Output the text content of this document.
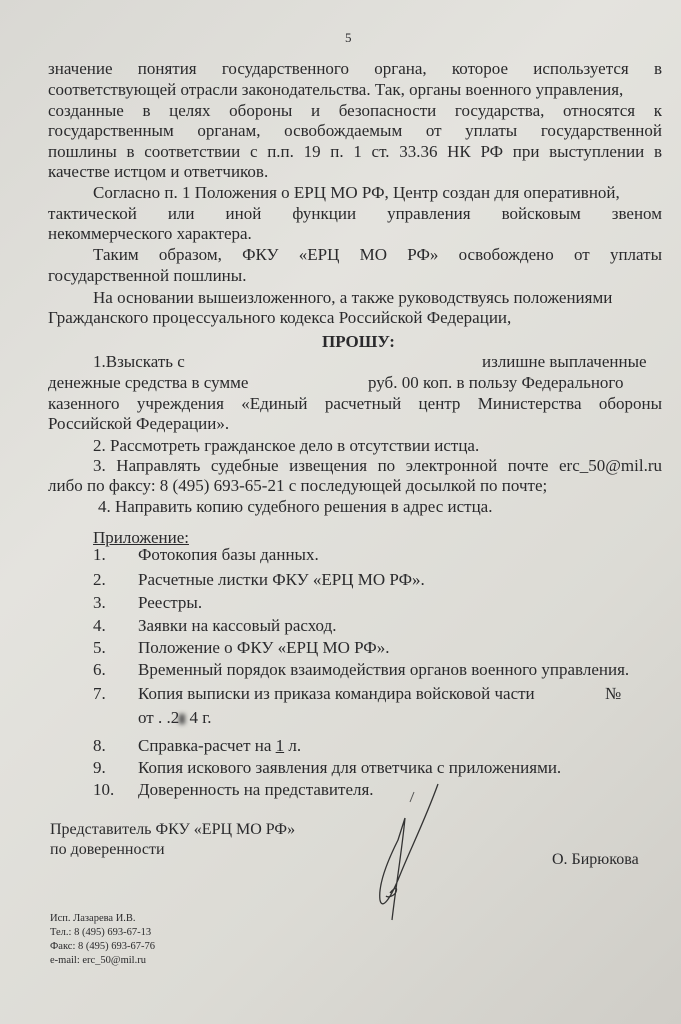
5
значение понятия государственного органа, которое используется в
соответствующей отрасли законодательства. Так, органы военного управления,
созданные в целях обороны и безопасности государства, относятся к
государственным органам, освобождаемым от уплаты государственной
пошлины в соответствии с п.п. 19 п. 1 ст. 33.36 НК РФ при выступлении в
качестве истцом и ответчиков.
Согласно п. 1 Положения о ЕРЦ МО РФ, Центр создан для оперативной,
тактической или иной функции управления войсковым звеном
некоммерческого характера.
Таким образом, ФКУ «ЕРЦ МО РФ» освобождено от уплаты
государственной пошлины.
На основании вышеизложенного, а также руководствуясь положениями
Гражданского процессуального кодекса Российской Федерации,
ПРОШУ:
1.Взыскать с	излишне выплаченные
денежные средства в сумме	руб. 00 коп. в пользу Федерального
казенного учреждения «Единый расчетный центр Министерства обороны
Российской Федерации».
2. Рассмотреть гражданское дело в отсутствии истца.
3. Направлять судебные извещения по электронной почте erc_50@mil.ru
либо по факсу: 8 (495) 693-65-21 с последующей досылкой по почте;
4. Направить копию судебного решения в адрес истца.
Приложение:
1. Фотокопия базы данных.
2. Расчетные листки ФКУ «ЕРЦ МО РФ».
3. Реестры.
4. Заявки на кассовый расход.
5. Положение о ФКУ «ЕРЦ МО РФ».
6. Временный порядок взаимодействия органов военного управления.
7. Копия выписки из приказа командира войсковой части	№
от . .2 4 г.
8. Справка-расчет на 1 л.
9. Копия искового заявления для ответчика с приложениями.
10. Доверенность на представителя.
Представитель ФКУ «ЕРЦ МО РФ»
по доверенности
О. Бирюкова
Исп. Лазарева И.В.
Тел.: 8 (495) 693-67-13
Факс: 8 (495) 693-67-76
e-mail: erc_50@mil.ru
